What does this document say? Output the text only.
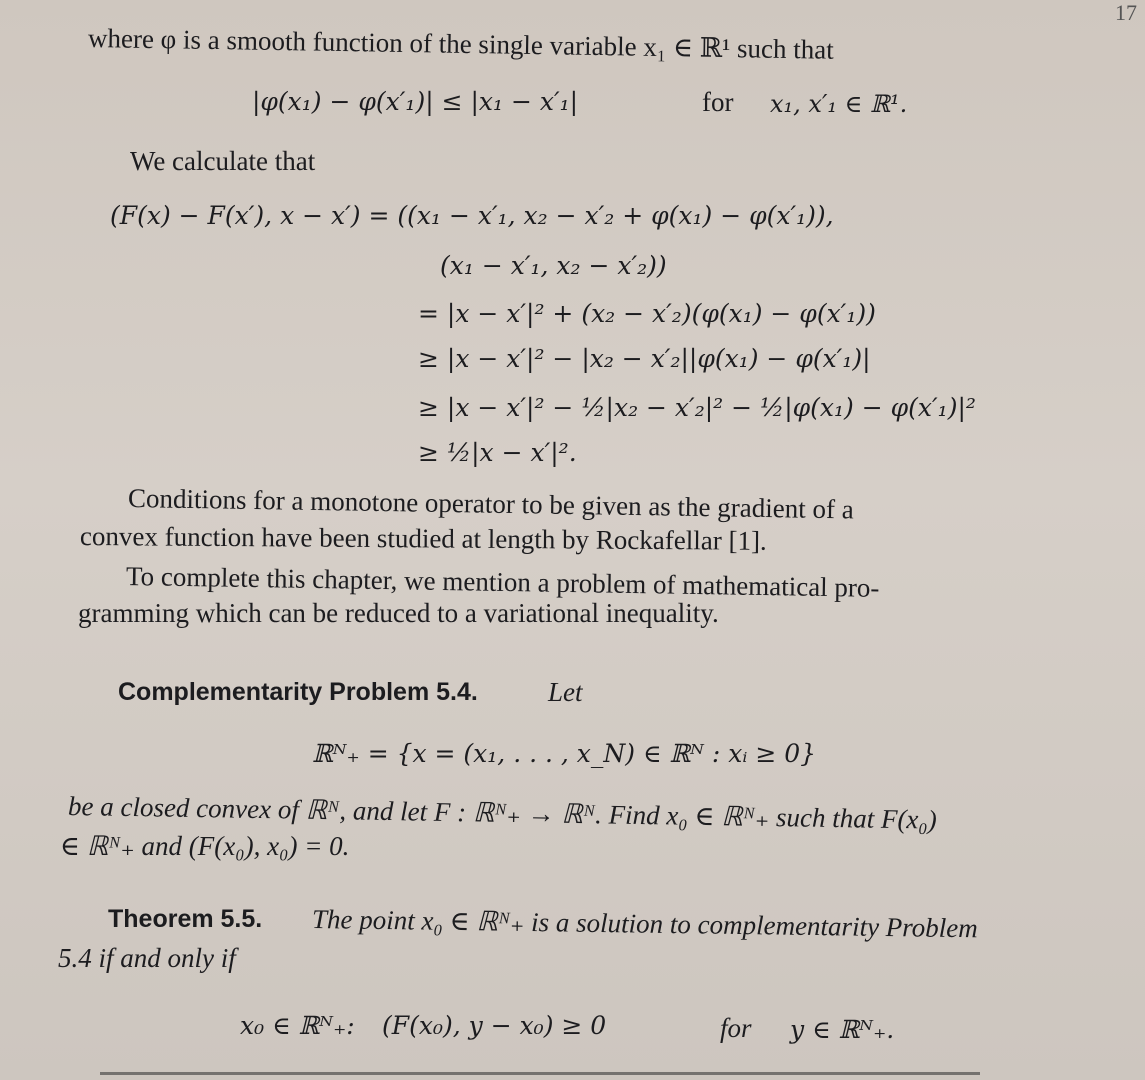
17
where φ is a smooth function of the single variable x₁ ∈ ℝ¹ such that
|φ(x₁) − φ(x′₁)| ≤ |x₁ − x′₁|	for x₁, x′₁ ∈ ℝ¹.
We calculate that
(F(x) − F(x′), x − x′) = ((x₁ − x′₁, x₂ − x′₂ + φ(x₁) − φ(x′₁)),
(x₁ − x′₁, x₂ − x′₂))
= |x − x′|² + (x₂ − x′₂)(φ(x₁) − φ(x′₁))
≥ |x − x′|² − |x₂ − x′₂||φ(x₁) − φ(x′₁)|
≥ |x − x′|² − ½|x₂ − x′₂|² − ½|φ(x₁) − φ(x′₁)|²
≥ ½|x − x′|².
Conditions for a monotone operator to be given as the gradient of a
convex function have been studied at length by Rockafellar [1].
To complete this chapter, we mention a problem of mathematical pro-
gramming which can be reduced to a variational inequality.
Complementarity Problem 5.4.	Let
ℝᴺ₊ = {x = (x₁, . . . , x_N) ∈ ℝᴺ : xᵢ ≥ 0}
be a closed convex of ℝᴺ, and let F : ℝᴺ₊ → ℝᴺ. Find x₀ ∈ ℝᴺ₊ such that F(x₀)
∈ ℝᴺ₊ and (F(x₀), x₀) = 0.
Theorem 5.5. The point x₀ ∈ ℝᴺ₊ is a solution to complementarity Problem
5.4 if and only if
x₀ ∈ ℝᴺ₊: (F(x₀), y − x₀) ≥ 0	for y ∈ ℝᴺ₊.
